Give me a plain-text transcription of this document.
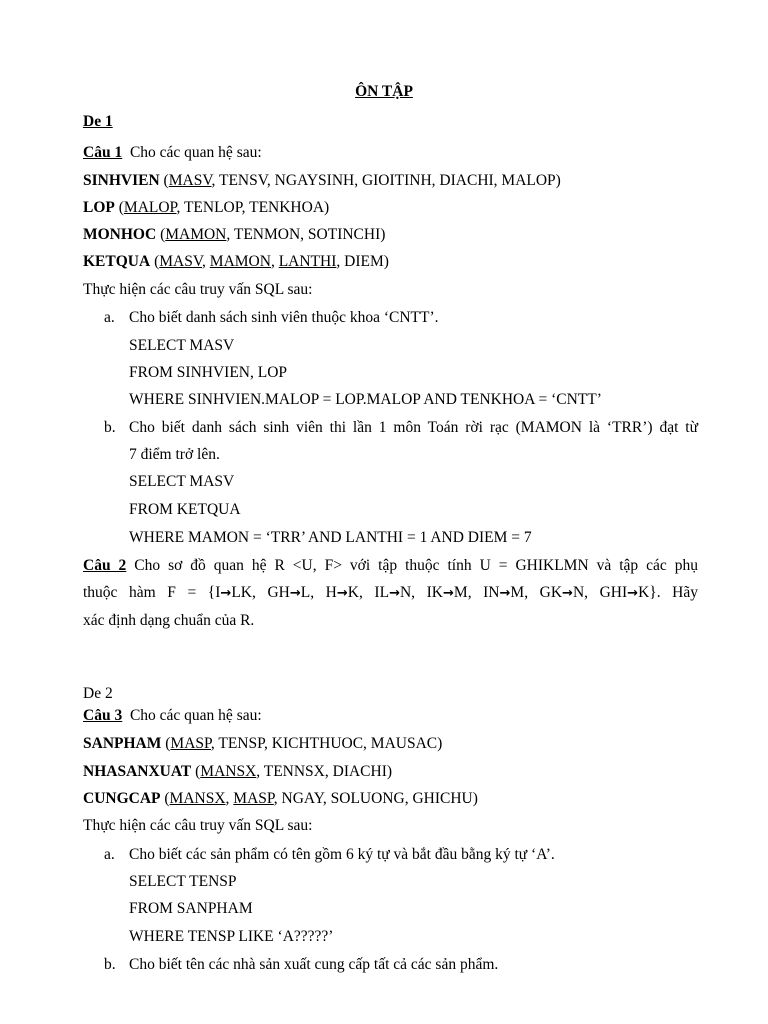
ÔN TẬP
De 1
Câu 1 Cho các quan hệ sau:
SINHVIEN (MASV, TENSV, NGAYSINH, GIOITINH, DIACHI, MALOP)
LOP (MALOP, TENLOP, TENKHOA)
MONHOC (MAMON, TENMON, SOTINCHI)
KETQUA (MASV, MAMON, LANTHI, DIEM)
Thực hiện các câu truy vấn SQL sau:
a. Cho biết danh sách sinh viên thuộc khoa ‘CNTT’.
SELECT MASV
FROM SINHVIEN, LOP
WHERE SINHVIEN.MALOP = LOP.MALOP AND TENKHOA = ‘CNTT’
b. Cho biết danh sách sinh viên thi lần 1 môn Toán rời rạc (MAMON là ‘TRR’) đạt từ
7 điểm trở lên.
SELECT MASV
FROM KETQUA
WHERE MAMON = ‘TRR’ AND LANTHI = 1 AND DIEM = 7
Câu 2 Cho sơ đồ quan hệ R <U, F> với tập thuộc tính U = GHIKLMN và tập các phụ
thuộc hàm F = {I→LK, GH→L, H→K, IL→N, IK→M, IN→M, GK→N, GHI→K}. Hãy
xác định dạng chuẩn của R.
De 2
Câu 3 Cho các quan hệ sau:
SANPHAM (MASP, TENSP, KICHTHUOC, MAUSAC)
NHASANXUAT (MANSX, TENNSX, DIACHI)
CUNGCAP (MANSX, MASP, NGAY, SOLUONG, GHICHU)
Thực hiện các câu truy vấn SQL sau:
a. Cho biết các sản phẩm có tên gồm 6 ký tự và bắt đầu bằng ký tự ‘A’.
SELECT TENSP
FROM SANPHAM
WHERE TENSP LIKE ‘A?????’
b. Cho biết tên các nhà sản xuất cung cấp tất cả các sản phẩm.
